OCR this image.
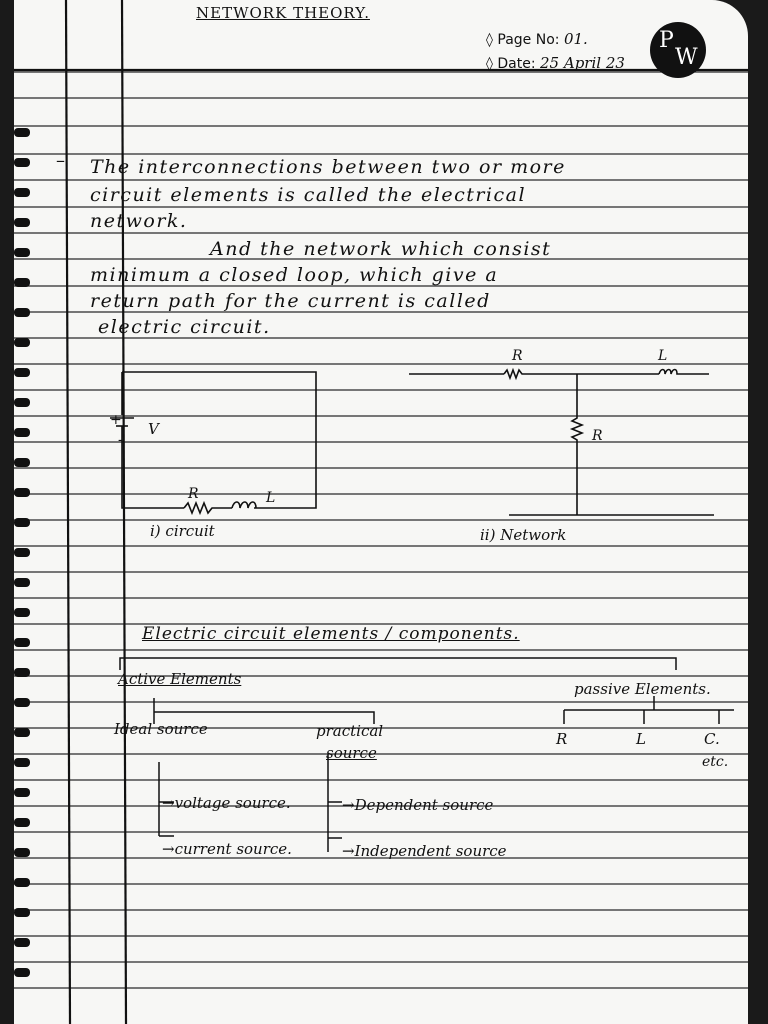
NETWORK THEORY.
◊ Page No: 01.
◊ Date: 25 April 23
P
W
– The interconnections between two or more
circuit elements is called the electrical
network.
And the network which consist
minimum a closed loop, which give a
return path for the current is called
electric circuit.
+
-
V
R	L
i) circuit
R	L
R
ii) Network
Electric circuit elements / components.
Active Elements
passive Elements.
Ideal source	practical
source
R	L	C.
etc.
→voltage source.
→current source.
→Dependent source
→Independent source
